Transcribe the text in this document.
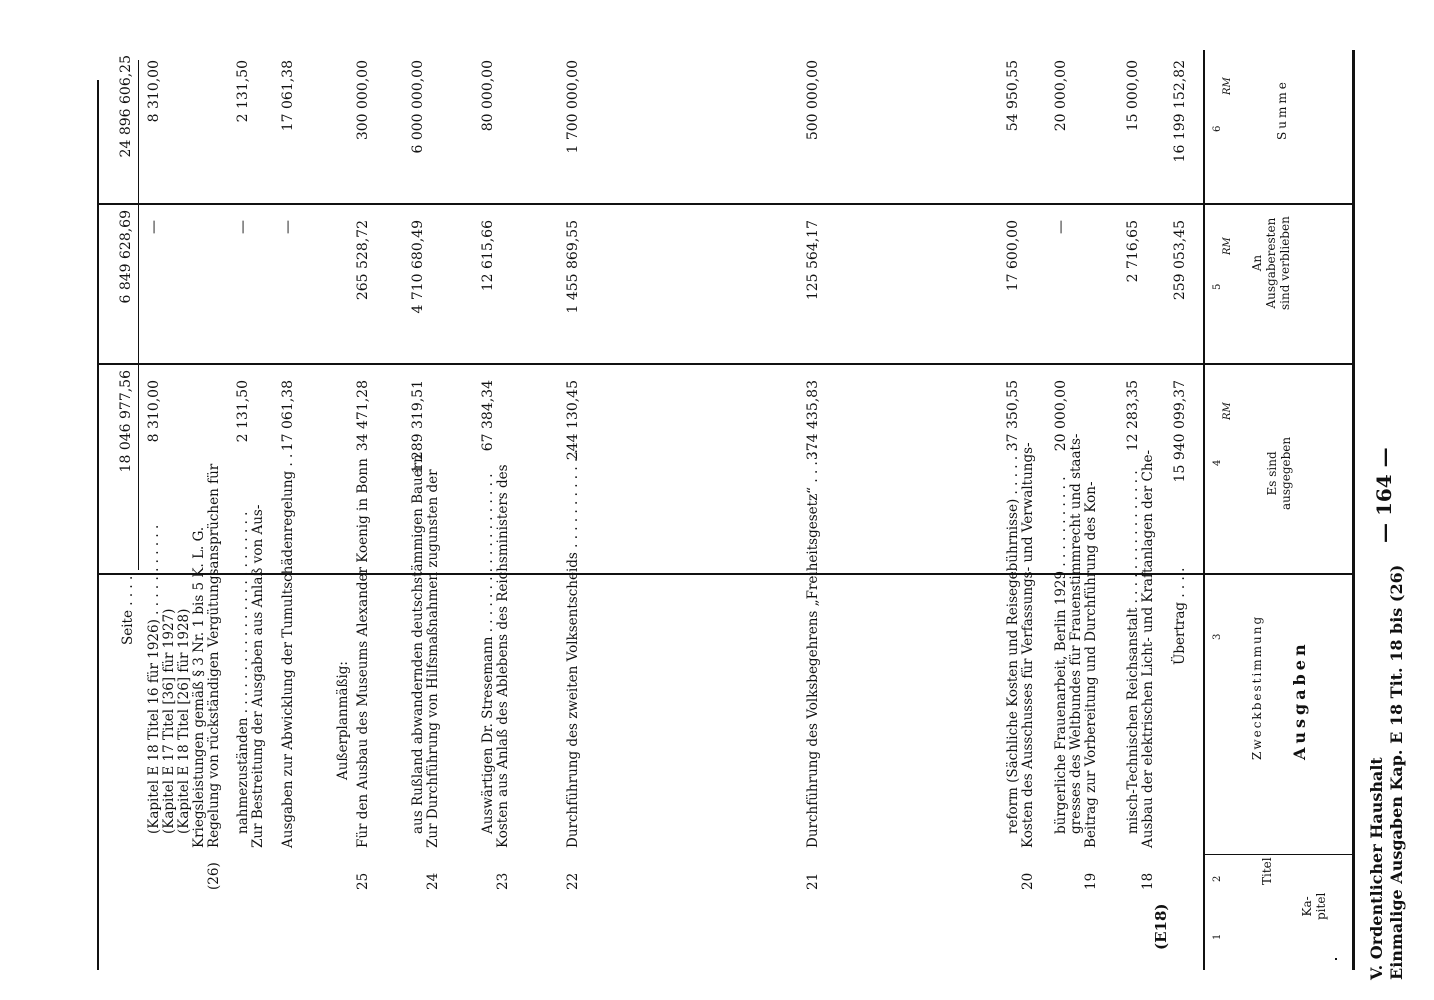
V. Ordentlicher Haushalt Einmalige Ausgaben Kap. E 18 Tit. 18 bis (26)
— 164 —
Ka-
pitel
Titel
Ausgaben
Zweckbestimmung
Es sind
ausgegeben
An
Ausgaberesten
sind verblieben
Summe
1
2
3
4
5
6
RM
RM
RM
(E18)
Übertrag . . . .
15 940 099,37
259 053,45
16 199 152,82
18
Ausbau der elektrischen Licht- und Kraftanlagen der Che-
misch-Technischen Reichsanstalt . . . . . . . . . . . . . . . .
12 283,35
2 716,65
15 000,00
19
Beitrag zur Vorbereitung und Durchführung des Kon-
gresses des Weltbundes für Frauenstimmrecht und staats-
bürgerliche Frauenarbeit, Berlin 1929 . . . . . . . . . . .
20 000,00
—
20 000,00
20
Kosten des Ausschusses für Verfassungs- und Verwaltungs-
reform (Sächliche Kosten und Reisegebührnisse) . . . . . .
37 350,55
17 600,00
54 950,55
21
Durchführung des Volksbegehrens „Freiheitsgesetz“ . . . . .
374 435,83
125 564,17
500 000,00
22
Durchführung des zweiten Volksentscheids . . . . . . . . . . . .
244 130,45
1 455 869,55
1 700 000,00
23
Kosten aus Anlaß des Ablebens des Reichsministers des
Auswärtigen Dr. Stresemann . . . . . . . . . . . . . . . . . . .
67 384,34
12 615,66
80 000,00
24
Zur Durchführung von Hilfsmaßnahmen zugunsten der
aus Rußland abwandernden deutschstämmigen Bauern
1 289 319,51
4 710 680,49
6 000 000,00
25
Für den Ausbau des Museums Alexander Koenig in Bonn
34 471,28
265 528,72
300 000,00
Außerplanmäßig:
Ausgaben zur Abwicklung der Tumultschädenregelung . . .
17 061,38
—
17 061,38
Zur Bestreitung der Ausgaben aus Anlaß von Aus-
nahmezuständen . . . . . . . . . . . . . . . . . . . . . . . .
2 131,50
—
2 131,50
(26)
Regelung von rückständigen Vergütungsansprüchen für
Kriegsleistungen gemäß § 3 Nr. 1 bis 5 K. L. G.
(Kapitel E 18 Titel [26] für 1928)
(Kapitel E 17 Titel [36] für 1927)
(Kapitel E 18 Titel 16 für 1926) . . . . . . . . . . .
8 310,00
—
8 310,00
Seite . . . .
18 046 977,56
6 849 628,69
24 896 606,25
